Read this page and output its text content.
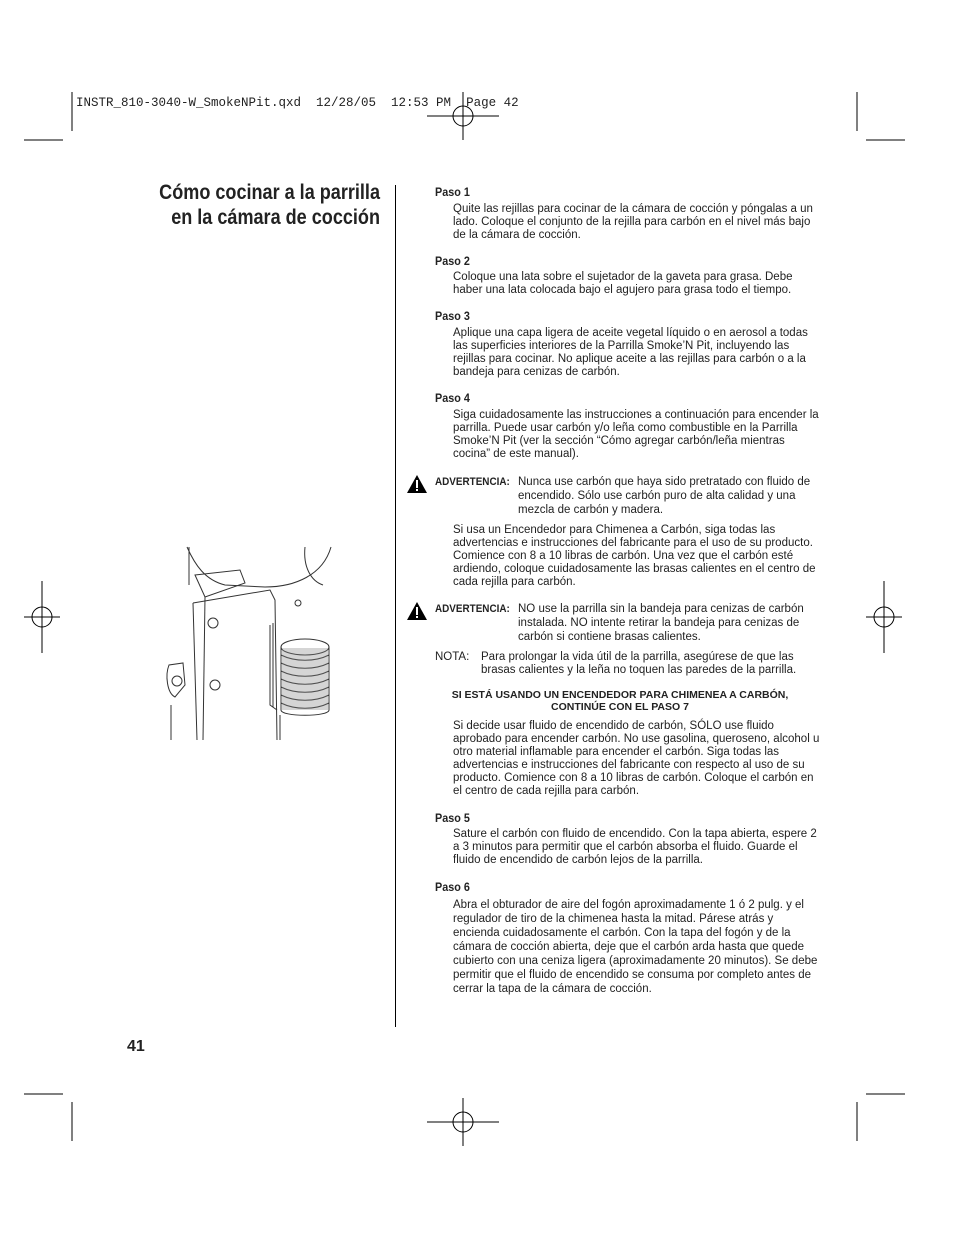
INSTR_810-3040-W_SmokeNPit.qxd  12/28/05  12:53 PM  Page 42
Cómo cocinar a la parrilla
en la cámara de cocción
Paso 1
Quite las rejillas para cocinar de la cámara de cocción y póngalas a un
lado. Coloque el conjunto de la rejilla para carbón en el nivel más bajo
de la cámara de cocción.
Paso 2
Coloque una lata sobre el sujetador de la gaveta para grasa. Debe
haber una lata colocada bajo el agujero para grasa todo el tiempo.
Paso 3
Aplique una capa ligera de aceite vegetal líquido o en aerosol a todas
las superficies interiores de la Parrilla Smoke’N Pit, incluyendo las
rejillas para cocinar. No aplique aceite a las rejillas para carbón o a la
bandeja para cenizas de carbón.
Paso 4
Siga cuidadosamente las instrucciones a continuación para encender la
parrilla. Puede usar carbón y/o leña como combustible en la Parrilla
Smoke’N Pit (ver la sección “Cómo agregar carbón/leña mientras
cocina” de este manual).
ADVERTENCIA: Nunca use carbón que haya sido pretratado con fluido de
encendido. Sólo use carbón puro de alta calidad y una
mezcla de carbón y madera.
Si usa un Encendedor para Chimenea a Carbón, siga todas las
advertencias e instrucciones del fabricante para el uso de su producto.
Comience con 8 a 10 libras de carbón. Una vez que el carbón esté
ardiendo, coloque cuidadosamente las brasas calientes en el centro de
cada rejilla para carbón.
ADVERTENCIA: NO use la parrilla sin la bandeja para cenizas de carbón
instalada. NO intente retirar la bandeja para cenizas de
carbón si contiene brasas calientes.
NOTA: Para prolongar la vida útil de la parrilla, asegúrese de que las
brasas calientes y la leña no toquen las paredes de la parrilla.
SI ESTÁ USANDO UN ENCENDEDOR PARA CHIMENEA A CARBÓN,
CONTINÚE CON EL PASO 7
Si decide usar fluido de encendido de carbón, SÓLO use fluido
aprobado para encender carbón. No use gasolina, queroseno, alcohol u
otro material inflamable para encender el carbón. Siga todas las
advertencias e instrucciones del fabricante con respecto al uso de su
producto. Comience con 8 a 10 libras de carbón. Coloque el carbón en
el centro de cada rejilla para carbón.
Paso 5
Sature el carbón con fluido de encendido. Con la tapa abierta, espere 2
a 3 minutos para permitir que el carbón absorba el fluido. Guarde el
fluido de encendido de carbón lejos de la parrilla.
Paso 6
Abra el obturador de aire del fogón aproximadamente 1 ó 2 pulg. y el
regulador de tiro de la chimenea hasta la mitad. Párese atrás y
encienda cuidadosamente el carbón. Con la tapa del fogón y de la
cámara de cocción abierta, deje que el carbón arda hasta que quede
cubierto con una ceniza ligera (aproximadamente 20 minutos). Se debe
permitir que el fluido de encendido se consuma por completo antes de
cerrar la tapa de la cámara de cocción.
41
